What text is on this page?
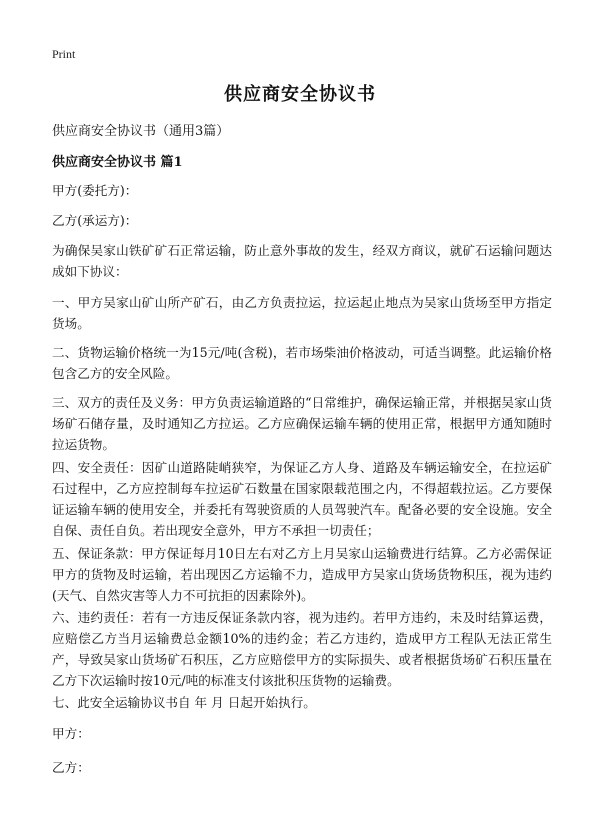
Print
供应商安全协议书

供应商安全协议书（通用3篇）

供应商安全协议书 篇1

甲方(委托方)：

乙方(承运方)：

为确保吴家山铁矿矿石正常运输，防止意外事故的发生，经双方商议，就矿石运输问题达成如下协议：

一、甲方吴家山矿山所产矿石，由乙方负责拉运，拉运起止地点为吴家山货场至甲方指定货场。

二、货物运输价格统一为15元/吨(含税)，若市场柴油价格波动，可适当调整。此运输价格包含乙方的安全风险。

三、双方的责任及义务：甲方负责运输道路的“日常维护，确保运输正常，并根据吴家山货场矿石储存量，及时通知乙方拉运。乙方应确保运输车辆的使用正常，根据甲方通知随时拉运货物。

四、安全责任：因矿山道路陡峭狭窄，为保证乙方人身、道路及车辆运输安全，在拉运矿石过程中，乙方应控制每车拉运矿石数量在国家限载范围之内，不得超载拉运。乙方要保证运输车辆的使用安全，并委托有驾驶资质的人员驾驶汽车。配备必要的安全设施。安全自保、责任自负。若出现安全意外，甲方不承担一切责任；

五、保证条款：甲方保证每月10日左右对乙方上月吴家山运输费进行结算。乙方必需保证甲方的货物及时运输，若出现因乙方运输不力，造成甲方吴家山货场货物积压，视为违约(天气、自然灾害等人力不可抗拒的因素除外)。

六、违约责任：若有一方违反保证条款内容，视为违约。若甲方违约，未及时结算运费，应赔偿乙方当月运输费总金额10%的违约金；若乙方违约，造成甲方工程队无法正常生产，导致吴家山货场矿石积压，乙方应赔偿甲方的实际损失、或者根据货场矿石积压量在乙方下次运输时按10元/吨的标准支付该批积压货物的运输费。

七、此安全运输协议书自 年 月 日起开始执行。

甲方：

乙方：
